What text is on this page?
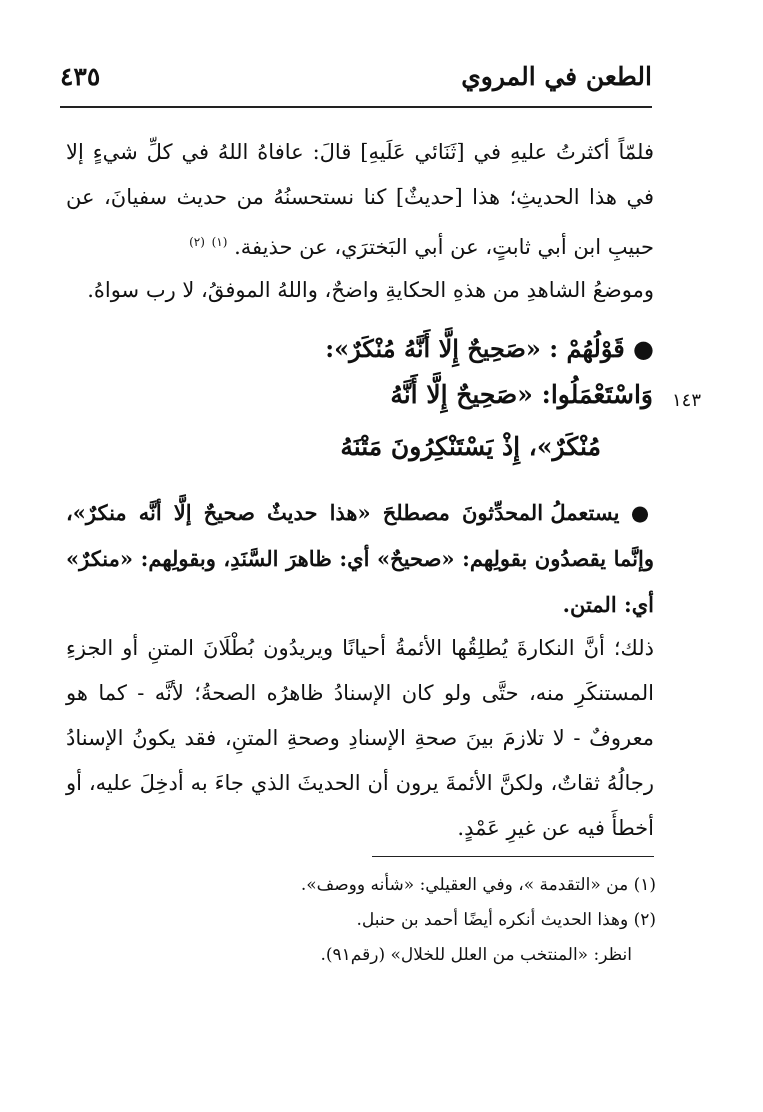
٤٣٥	الطعن في المروي
فلمّاً أكثرتُ عليهِ في [ثَنَائي عَلَيهِ] قالَ: عافاهُ اللهُ في كلِّ شيءٍ إلا في هذا الحديثِ؛ هذا [حديثٌ] كنا نستحسنُهُ من حديث سفيانَ، عن حبيبِ ابن أبي ثابتٍ، عن أبي البَخترَي، عن حذيفة. $^{(١)}$ $^{(٢)}$
وموضعُ الشاهدِ من هذهِ الحكايةِ واضحٌ، واللهُ الموفقُ، لا رب سواهُ.
● قَوْلُهُمْ : «صَحِيحٌ إِلَّا أَنَّهُ مُنْكَرٌ»:
١٤٣
وَاسْتَعْمَلُوا: «صَحِيحٌ إِلَّا أَنَّهُ
مُنْكَرٌ»، إِذْ يَسْتَنْكِرُونَ مَتْنَهُ
● يستعملُ المحدِّثونَ مصطلحَ «هذا حديثٌ صحيحٌ إلَّا أنَّه منكرٌ»، وإنَّما يقصدُون بقولِهم: «صحيحٌ» أي: ظاهرَ السَّنَدِ، وبقولِهم: «منكرٌ» أي: المتن.
ذلك؛ أنَّ النكارةَ يُطلِقُها الأئمةُ أحيانًا ويريدُون بُطْلَانَ المتنِ أو الجزءِ المستنكَرِ منه، حتَّى ولو كان الإسنادُ ظاهرُه الصحةُ؛ لأنَّه - كما هو معروفٌ - لا تلازمَ بينَ صحةِ الإسنادِ وصحةِ المتنِ، فقد يكونُ الإسنادُ رجالُهُ ثقاتٌ، ولكنَّ الأئمةَ يرون أن الحديثَ الذي جاءَ به أدخِلَ عليه، أو أخطأَ فيه عن غيرِ عَمْدٍ.
(١) من «التقدمة »، وفي العقيلي: «شأنه ووصف».
(٢) وهذا الحديث أنكره أيضًا أحمد بن حنبل.
انظر: «المنتخب من العلل للخلال» (رقم٩١).
